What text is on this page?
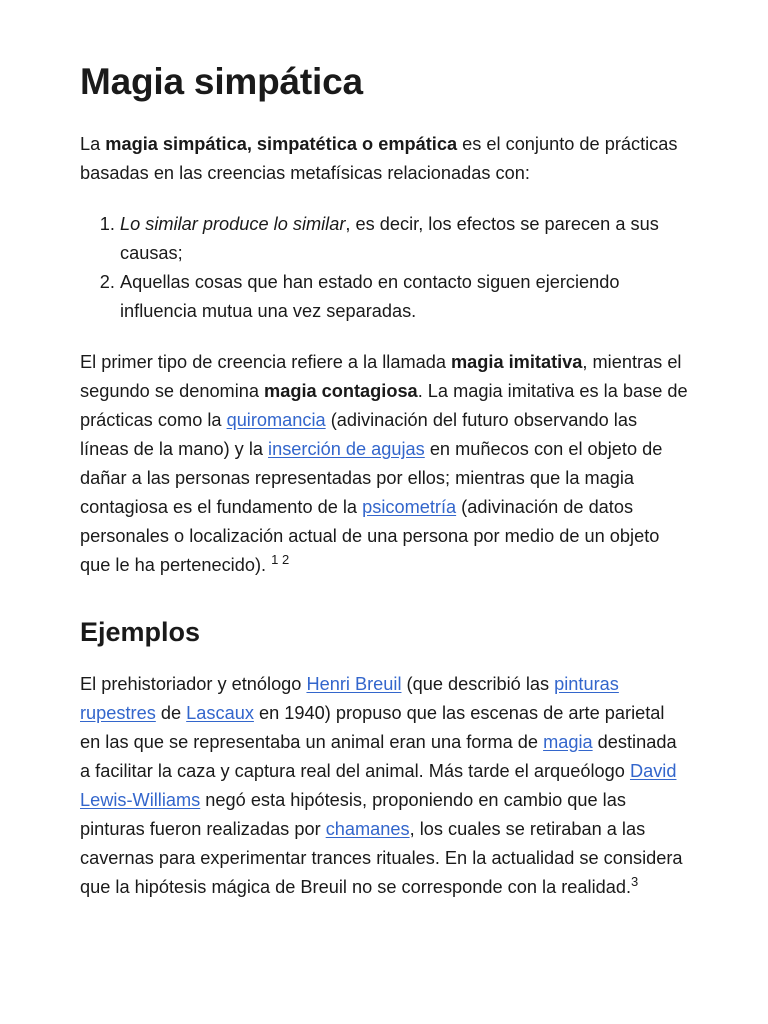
Magia simpática

La magia simpática, simpatética o empática es el conjunto de prácticas basadas en las creencias metafísicas relacionadas con:

1. Lo similar produce lo similar, es decir, los efectos se parecen a sus causas;
2. Aquellas cosas que han estado en contacto siguen ejerciendo influencia mutua una vez separadas.

El primer tipo de creencia refiere a la llamada magia imitativa, mientras el segundo se denomina magia contagiosa. La magia imitativa es la base de prácticas como la quiromancia (adivinación del futuro observando las líneas de la mano) y la inserción de agujas en muñecos con el objeto de dañar a las personas representadas por ellos; mientras que la magia contagiosa es el fundamento de la psicometría (adivinación de datos personales o localización actual de una persona por medio de un objeto que le ha pertenecido). $^{1 2}$

Ejemplos

El prehistoriador y etnólogo Henri Breuil (que describió las pinturas rupestres de Lascaux en 1940) propuso que las escenas de arte parietal en las que se representaba un animal eran una forma de magia destinada a facilitar la caza y captura real del animal. Más tarde el arqueólogo David Lewis-Williams negó esta hipótesis, proponiendo en cambio que las pinturas fueron realizadas por chamanes, los cuales se retiraban a las cavernas para experimentar trances rituales. En la actualidad se considera que la hipótesis mágica de Breuil no se corresponde con la realidad.$^3$
